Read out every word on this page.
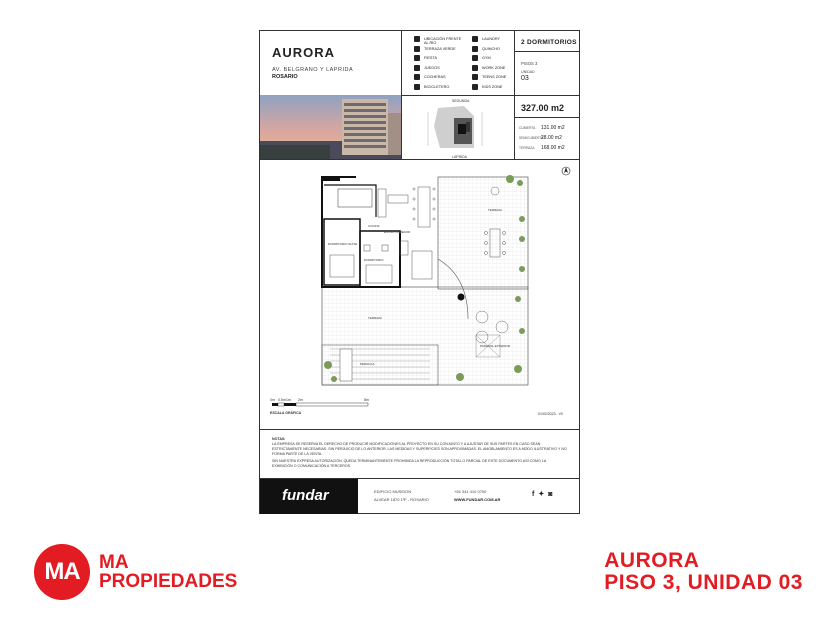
AURORA
AV. BELGRANO Y LAPRIDA
ROSARIO
UBICACIÓN FRENTE AL RÍO
TERRAZA VERDE
FIESTA
JUEGOS
COCHERAS
BICICLETERO
LAUNDRY
QUINCHO
GYM
WORK ZONE
TEENS ZONE
KIDS ZONE
SEGUNDA
LAPRIDA
2 DORMITORIOS
PISOS 3
UNIDAD
03
327.00 m2
CUBIERTA 131.00 m2
SEMICUBIERTA28.00 m2
TERRAZA 168.00 m2
COCINA
ESTAR COMEDOR
DORMITORIO SUITE
DORMITORIO
TERRAZA
TERRAZA
PERGOLA
PARASOL EXTERIOR
0m 0.5m 1m 2m	8m
ESCALA GRÁFICA	01/02/2023 - V0
NOTAS:
LA EMPRESA SE RESERVA EL DERECHO DE PRODUCIR MODIFICACIONES AL PROYECTO EN SU CONJUNTO Y A AJUSTAR DE SUS PARTES EN CASO SEAN ESTRICTAMENTE NECESARIAS. SIN PERJUICIO DE LO ANTERIOR, LAS MEDIDAS Y SUPERFICIES SON APROXIMADAS. EL AMOBLAMIENTO ES A MODO ILUSTRATIVO Y NO FORMA PARTE DE LA VENTA.
SIN NUESTRA EXPRESA AUTORIZACIÓN, QUEDA TERMINANTEMENTE PROHIBIDA LA REPRODUCCIÓN TOTAL O PARCIAL DE ESTE DOCUMENTO ASÍ COMO LA EXHIBICIÓN O COMUNICACIÓN A TERCEROS.
fundar	EDIFICIO MUSEION
ALVEAR 1870 1ºF - ROSARIO
+54 341 410 0700
WWW.FUNDAR.COM.AR
f✦◙
MA	MA
PROPIEDADES
AURORA
PISO 3, UNIDAD 03
